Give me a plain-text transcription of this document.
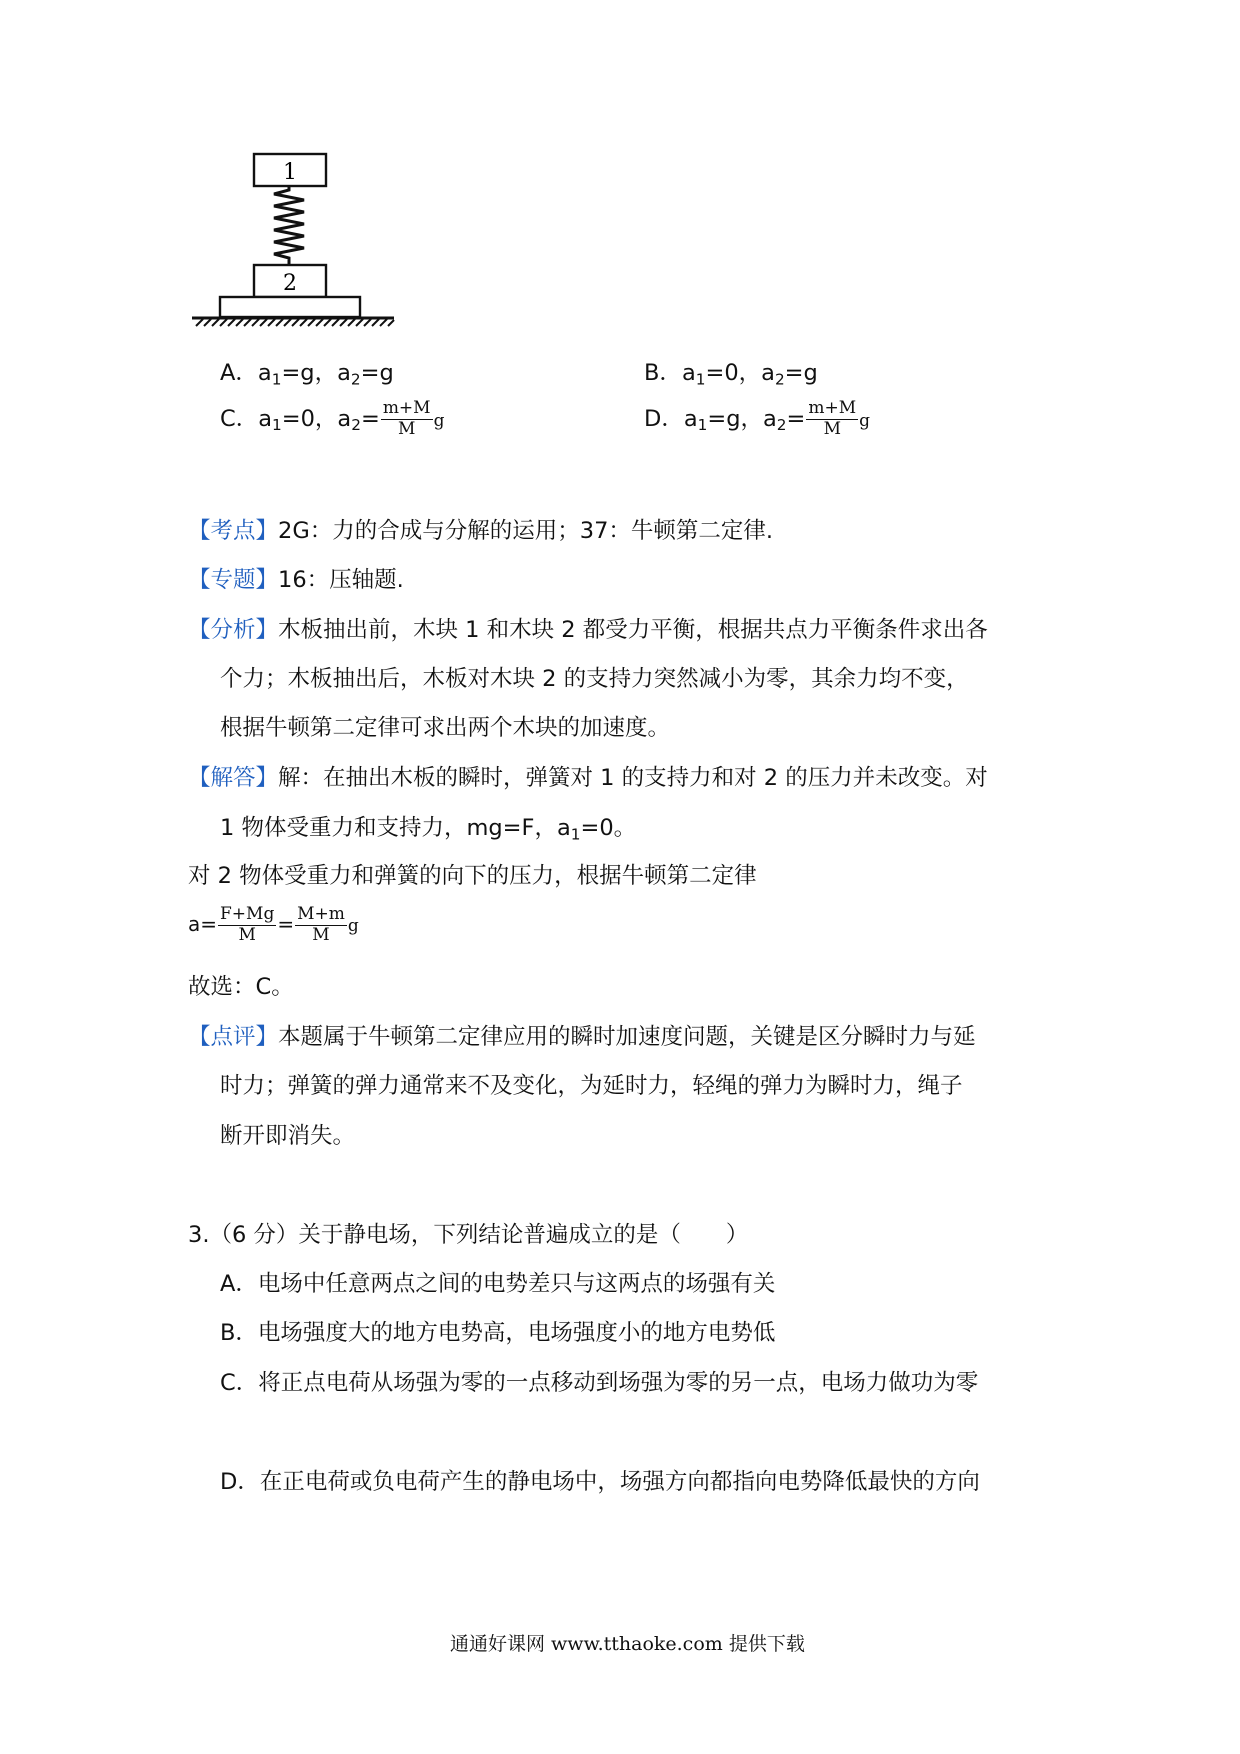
1
2
A．$a_1=g$，$a_2=g$	B．$a_1=0$，$a_2=g$
C．$a_1=0$，$a_2= \frac{m+M}{M}$ g	D．$a_1=g$，$a_2= \frac{m+M}{M}$ g
【考点】2G：力的合成与分解的运用；37：牛顿第二定律.
【专题】16：压轴题.
【分析】木板抽出前，木块 1 和木块 2 都受力平衡，根据共点力平衡条件求出各
个力；木板抽出后，木板对木块 2 的支持力突然减小为零，其余力均不变，
根据牛顿第二定律可求出两个木块的加速度。
【解答】解：在抽出木板的瞬时，弹簧对 1 的支持力和对 2 的压力并未改变。对
1 物体受重力和支持力，mg=F，$a_1=0$。
对 2 物体受重力和弹簧的向下的压力，根据牛顿第二定律
$a= \frac{F+Mg}{M} = \frac{M+m}{M}$ g
故选：C。
【点评】本题属于牛顿第二定律应用的瞬时加速度问题，关键是区分瞬时力与延
时力；弹簧的弹力通常来不及变化，为延时力，轻绳的弹力为瞬时力，绳子
断开即消失。
3.（6 分）关于静电场，下列结论普遍成立的是（　　）
A．电场中任意两点之间的电势差只与这两点的场强有关
B．电场强度大的地方电势高，电场强度小的地方电势低
C．将正点电荷从场强为零的一点移动到场强为零的另一点，电场力做功为零
D．在正电荷或负电荷产生的静电场中，场强方向都指向电势降低最快的方向
通通好课网 www.tthaoke.com 提供下载
